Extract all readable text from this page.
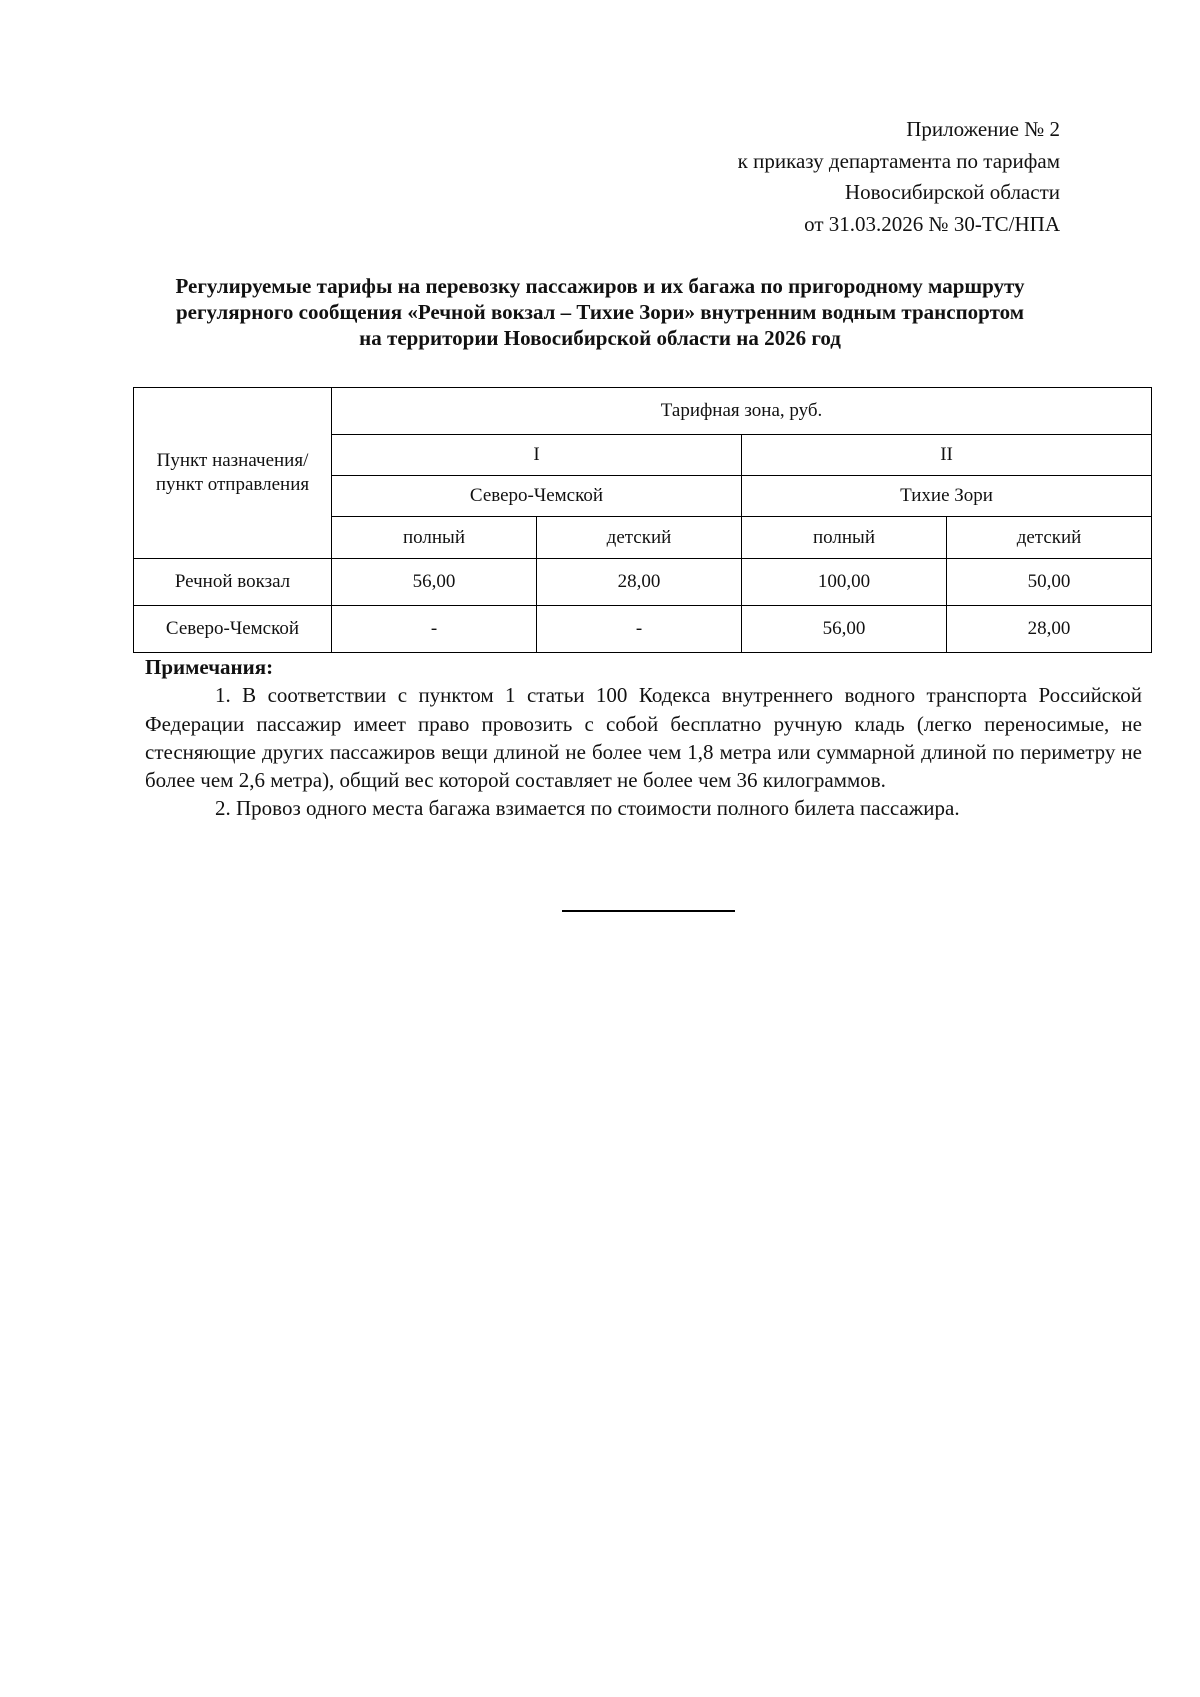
Приложение № 2
к приказу департамента по тарифам
Новосибирской области
от 31.03.2026 № 30-ТС/НПА
Регулируемые тарифы на перевозку пассажиров и их багажа по пригородному маршруту
регулярного сообщения «Речной вокзал – Тихие Зори» внутренним водным транспортом
на территории Новосибирской области на 2026 год
Пункт назначения/пункт отправления	Тарифная зона, руб.			
	I		II	
	Северо-Чемской		Тихие Зори	
	полный	детский	полный	детский
Речной вокзал	56,00	28,00	100,00	50,00
Северо-Чемской	-	-	56,00	28,00
Примечания:

1. В соответствии с пунктом 1 статьи 100 Кодекса внутреннего водного транспорта Российской Федерации пассажир имеет право провозить с собой бесплатно ручную кладь (легко переносимые, не стесняющие других пассажиров вещи длиной не более чем 1,8 метра или суммарной длиной по периметру не более чем 2,6 метра), общий вес которой составляет не более чем 36 килограммов.

2. Провоз одного места багажа взимается по стоимости полного билета пассажира.
